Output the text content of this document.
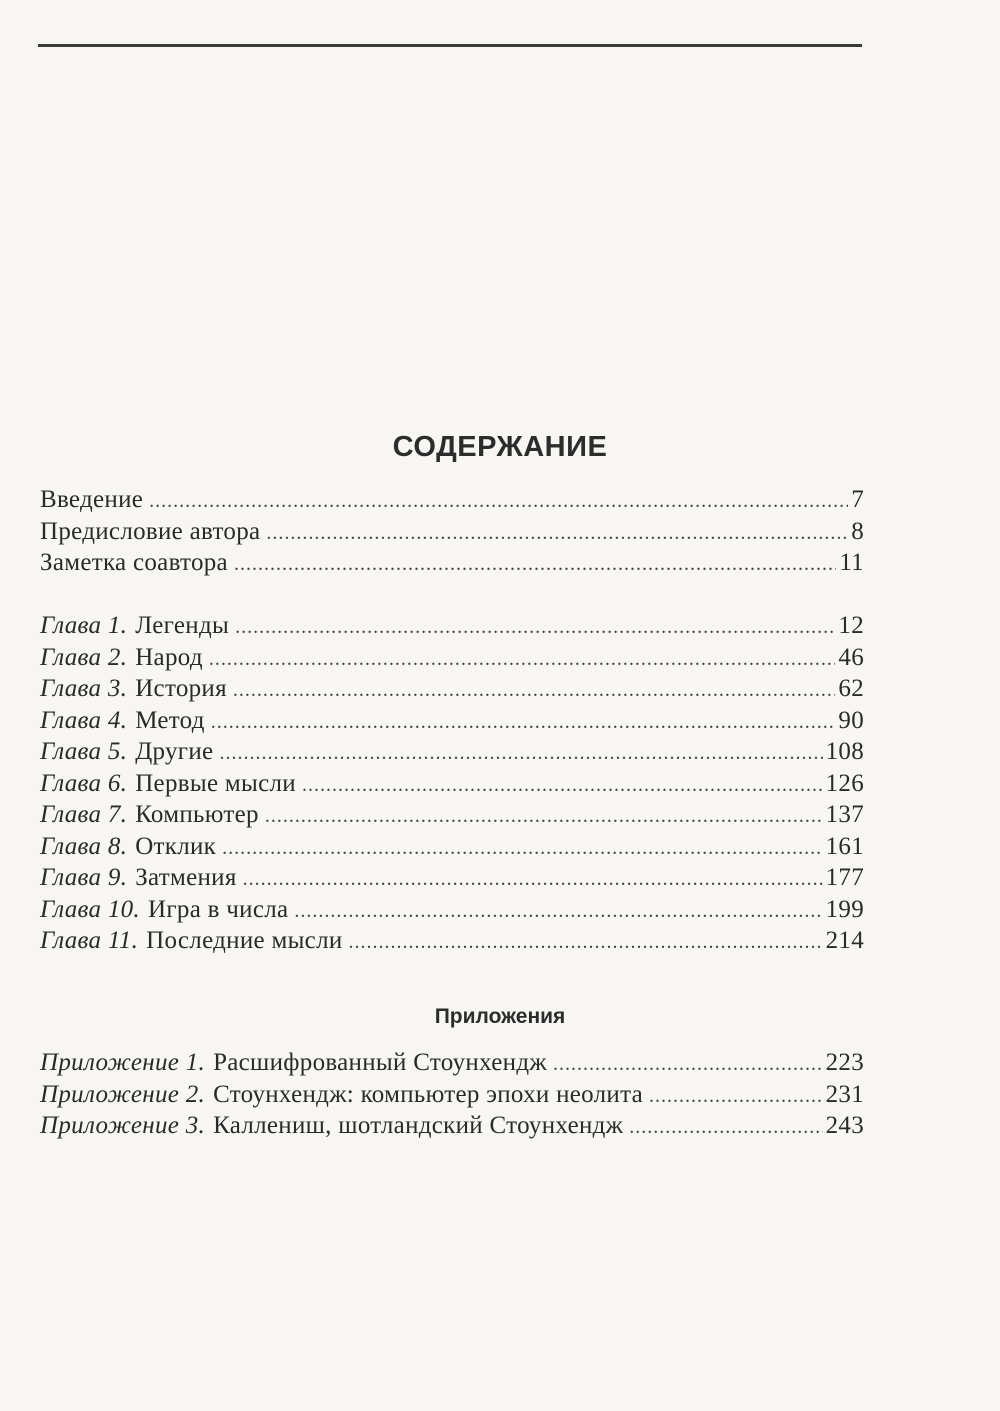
СОДЕРЖАНИЕ
Введение .....	7
Предисловие автора .....	8
Заметка соавтора .....	11
Глава 1. Легенды .....	12
Глава 2. Народ .....	46
Глава 3. История .....	62
Глава 4. Метод .....	90
Глава 5. Другие .....	108
Глава 6. Первые мысли .....	126
Глава 7. Компьютер .....	137
Глава 8. Отклик .....	161
Глава 9. Затмения .....	177
Глава 10. Игра в числа .....	199
Глава 11. Последние мысли .....	214
Приложения
Приложение 1. Расшифрованный Стоунхендж .....	223
Приложение 2. Стоунхендж: компьютер эпохи неолита .....	231
Приложение 3. Каллениш, шотландский Стоунхендж .....	243
